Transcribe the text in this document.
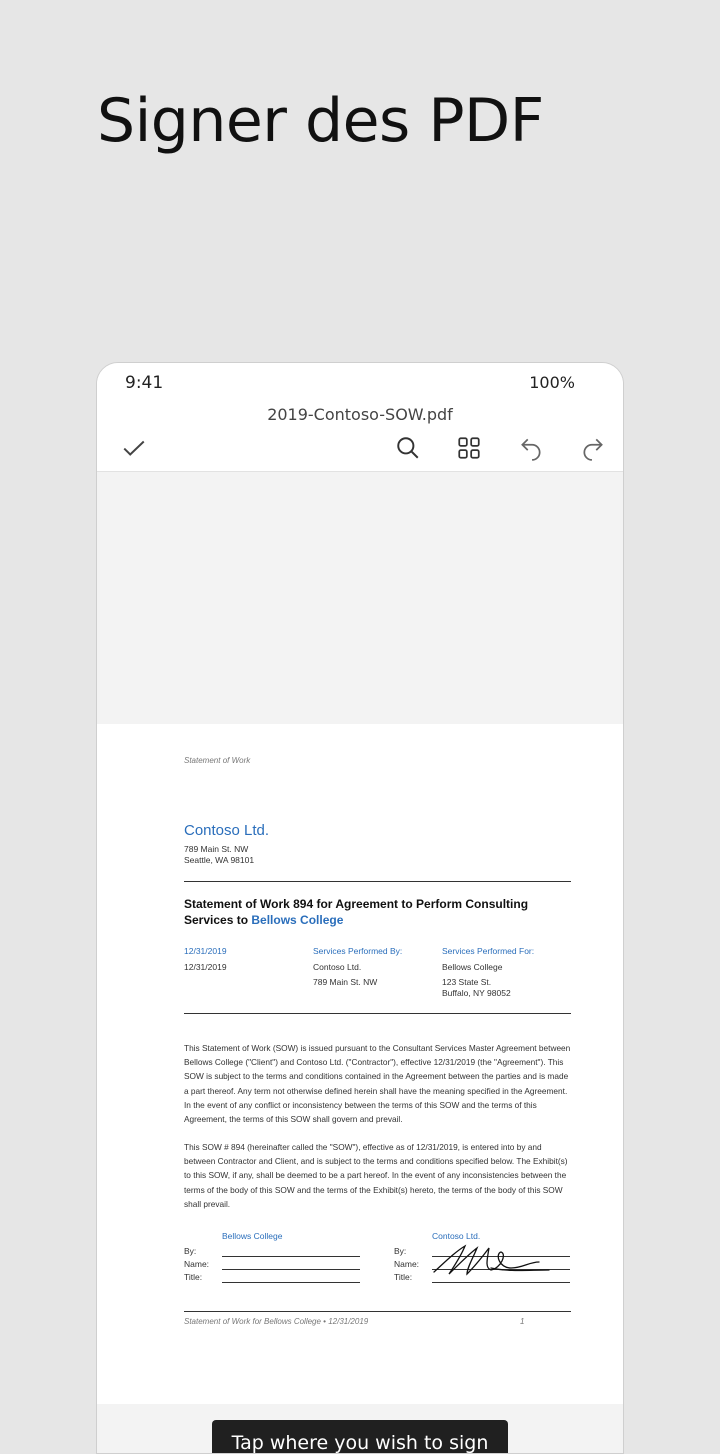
Signer des PDF
9:41	100%
2019-Contoso-SOW.pdf
Statement of Work
Contoso Ltd.
789 Main St. NW
Seattle, WA 98101
Statement of Work 894 for Agreement to Perform Consulting
Services to Bellows College
12/31/2019
12/31/2019
Services Performed By:
Contoso Ltd.
789 Main St. NW
Services Performed For:
Bellows College
123 State St.
Buffalo, NY 98052
This Statement of Work (SOW) is issued pursuant to the Consultant Services Master Agreement between Bellows College ("Client") and Contoso Ltd. ("Contractor"), effective 12/31/2019 (the "Agreement"). This SOW is subject to the terms and conditions contained in the Agreement between the parties and is made a part thereof. Any term not otherwise defined herein shall have the meaning specified in the Agreement. In the event of any conflict or inconsistency between the terms of this SOW and the terms of this Agreement, the terms of this SOW shall govern and prevail.
This SOW # 894 (hereinafter called the "SOW"), effective as of 12/31/2019, is entered into by and between Contractor and Client, and is subject to the terms and conditions specified below. The Exhibit(s) to this SOW, if any, shall be deemed to be a part hereof. In the event of any inconsistencies between the terms of the body of this SOW and the terms of the Exhibit(s) hereto, the terms of the body of this SOW shall prevail.
Bellows College
By:
Name:
Title:
Contoso Ltd.
By:
Name:
Title:
Statement of Work for Bellows College • 12/31/2019	1
Tap where you wish to sign
